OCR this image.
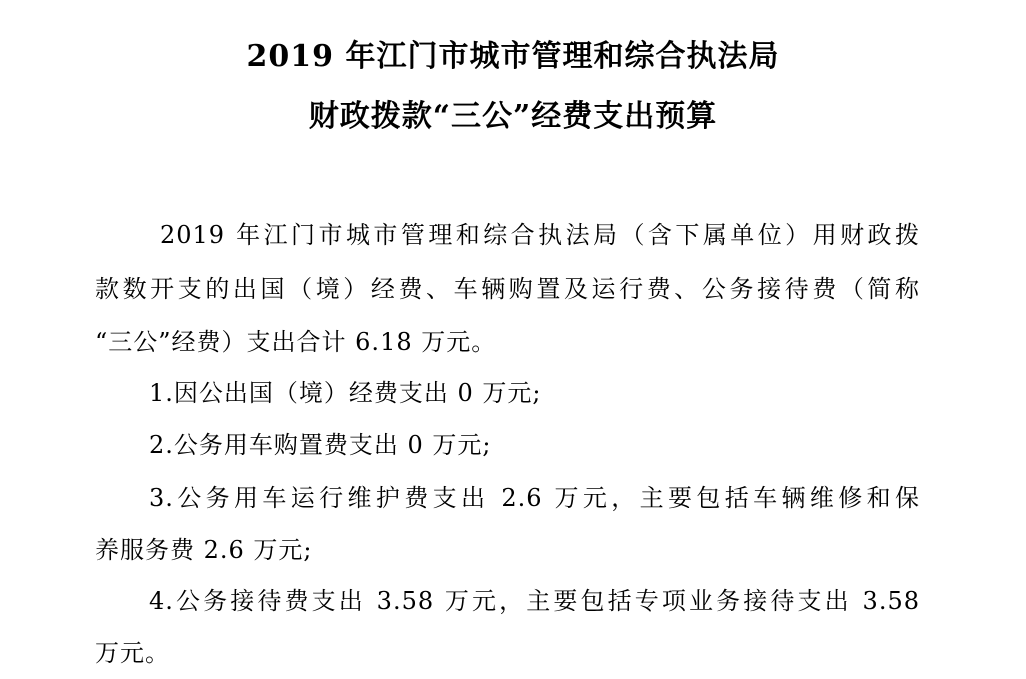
2019 年江门市城市管理和综合执法局
财政拨款“三公”经费支出预算
2019 年江门市城市管理和综合执法局（含下属单位）用财政拨
款数开支的出国（境）经费、车辆购置及运行费、公务接待费（简称
“三公”经费）支出合计 6.18 万元。
1.因公出国（境）经费支出 0 万元;
2.公务用车购置费支出 0 万元;
3.公务用车运行维护费支出 2.6 万元，主要包括车辆维修和保
养服务费 2.6 万元;
4.公务接待费支出 3.58 万元，主要包括专项业务接待支出 3.58
万元。
